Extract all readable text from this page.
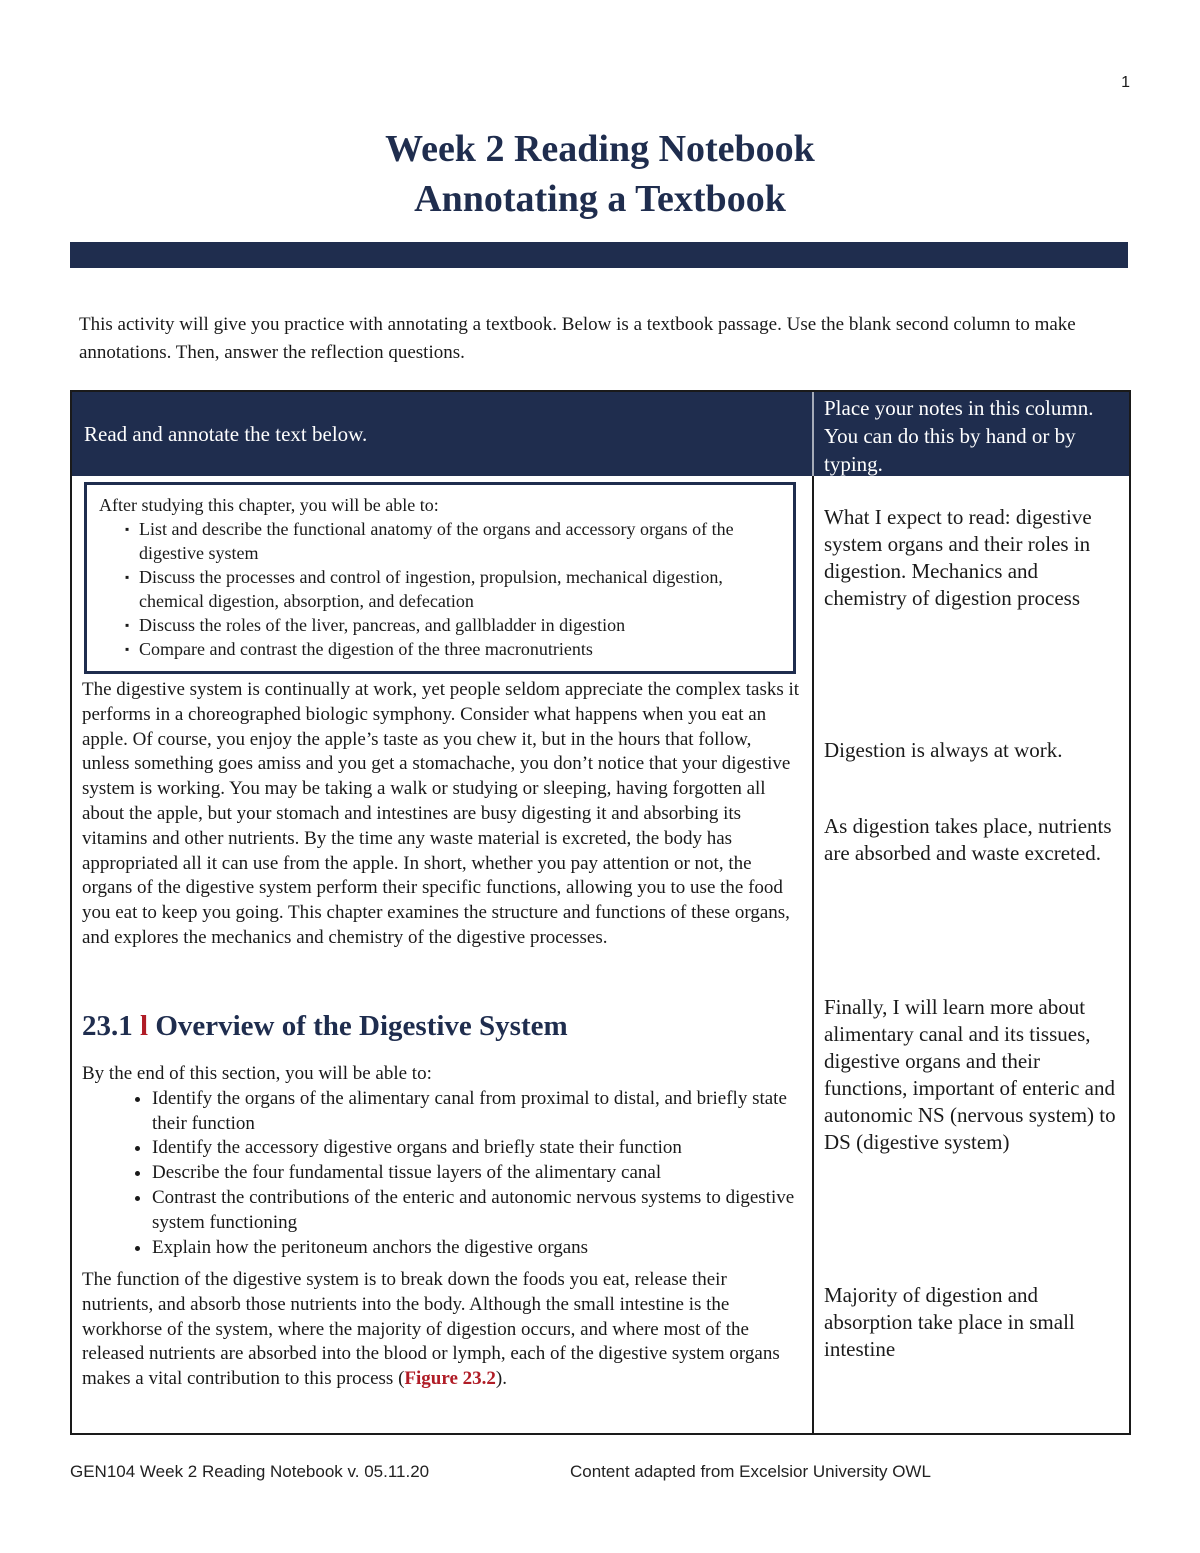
1
Week 2 Reading Notebook
Annotating a Textbook
This activity will give you practice with annotating a textbook. Below is a textbook passage. Use the blank second column to make annotations. Then, answer the reflection questions.
Read and annotate the text below.
Place your notes in this column. You can do this by hand or by typing.
After studying this chapter, you will be able to:
▪ List and describe the functional anatomy of the organs and accessory organs of the digestive system
▪ Discuss the processes and control of ingestion, propulsion, mechanical digestion, chemical digestion, absorption, and defecation
▪ Discuss the roles of the liver, pancreas, and gallbladder in digestion
▪ Compare and contrast the digestion of the three macronutrients
The digestive system is continually at work, yet people seldom appreciate the complex tasks it performs in a choreographed biologic symphony. Consider what happens when you eat an apple. Of course, you enjoy the apple’s taste as you chew it, but in the hours that follow, unless something goes amiss and you get a stomachache, you don’t notice that your digestive system is working. You may be taking a walk or studying or sleeping, having forgotten all about the apple, but your stomach and intestines are busy digesting it and absorbing its vitamins and other nutrients. By the time any waste material is excreted, the body has appropriated all it can use from the apple. In short, whether you pay attention or not, the organs of the digestive system perform their specific functions, allowing you to use the food you eat to keep you going. This chapter examines the structure and functions of these organs, and explores the mechanics and chemistry of the digestive processes.
23.1 l Overview of the Digestive System
By the end of this section, you will be able to:
• Identify the organs of the alimentary canal from proximal to distal, and briefly state their function
• Identify the accessory digestive organs and briefly state their function
• Describe the four fundamental tissue layers of the alimentary canal
• Contrast the contributions of the enteric and autonomic nervous systems to digestive system functioning
• Explain how the peritoneum anchors the digestive organs
The function of the digestive system is to break down the foods you eat, release their nutrients, and absorb those nutrients into the body. Although the small intestine is the workhorse of the system, where the majority of digestion occurs, and where most of the released nutrients are absorbed into the blood or lymph, each of the digestive system organs makes a vital contribution to this process (Figure 23.2).
What I expect to read: digestive system organs and their roles in digestion. Mechanics and chemistry of digestion process
Digestion is always at work.
As digestion takes place, nutrients are absorbed and waste excreted.
Finally, I will learn more about alimentary canal and its tissues, digestive organs and their functions, important of enteric and autonomic NS (nervous system) to DS (digestive system)
Majority of digestion and absorption take place in small intestine
GEN104 Week 2 Reading Notebook v. 05.11.20	Content adapted from Excelsior University OWL
